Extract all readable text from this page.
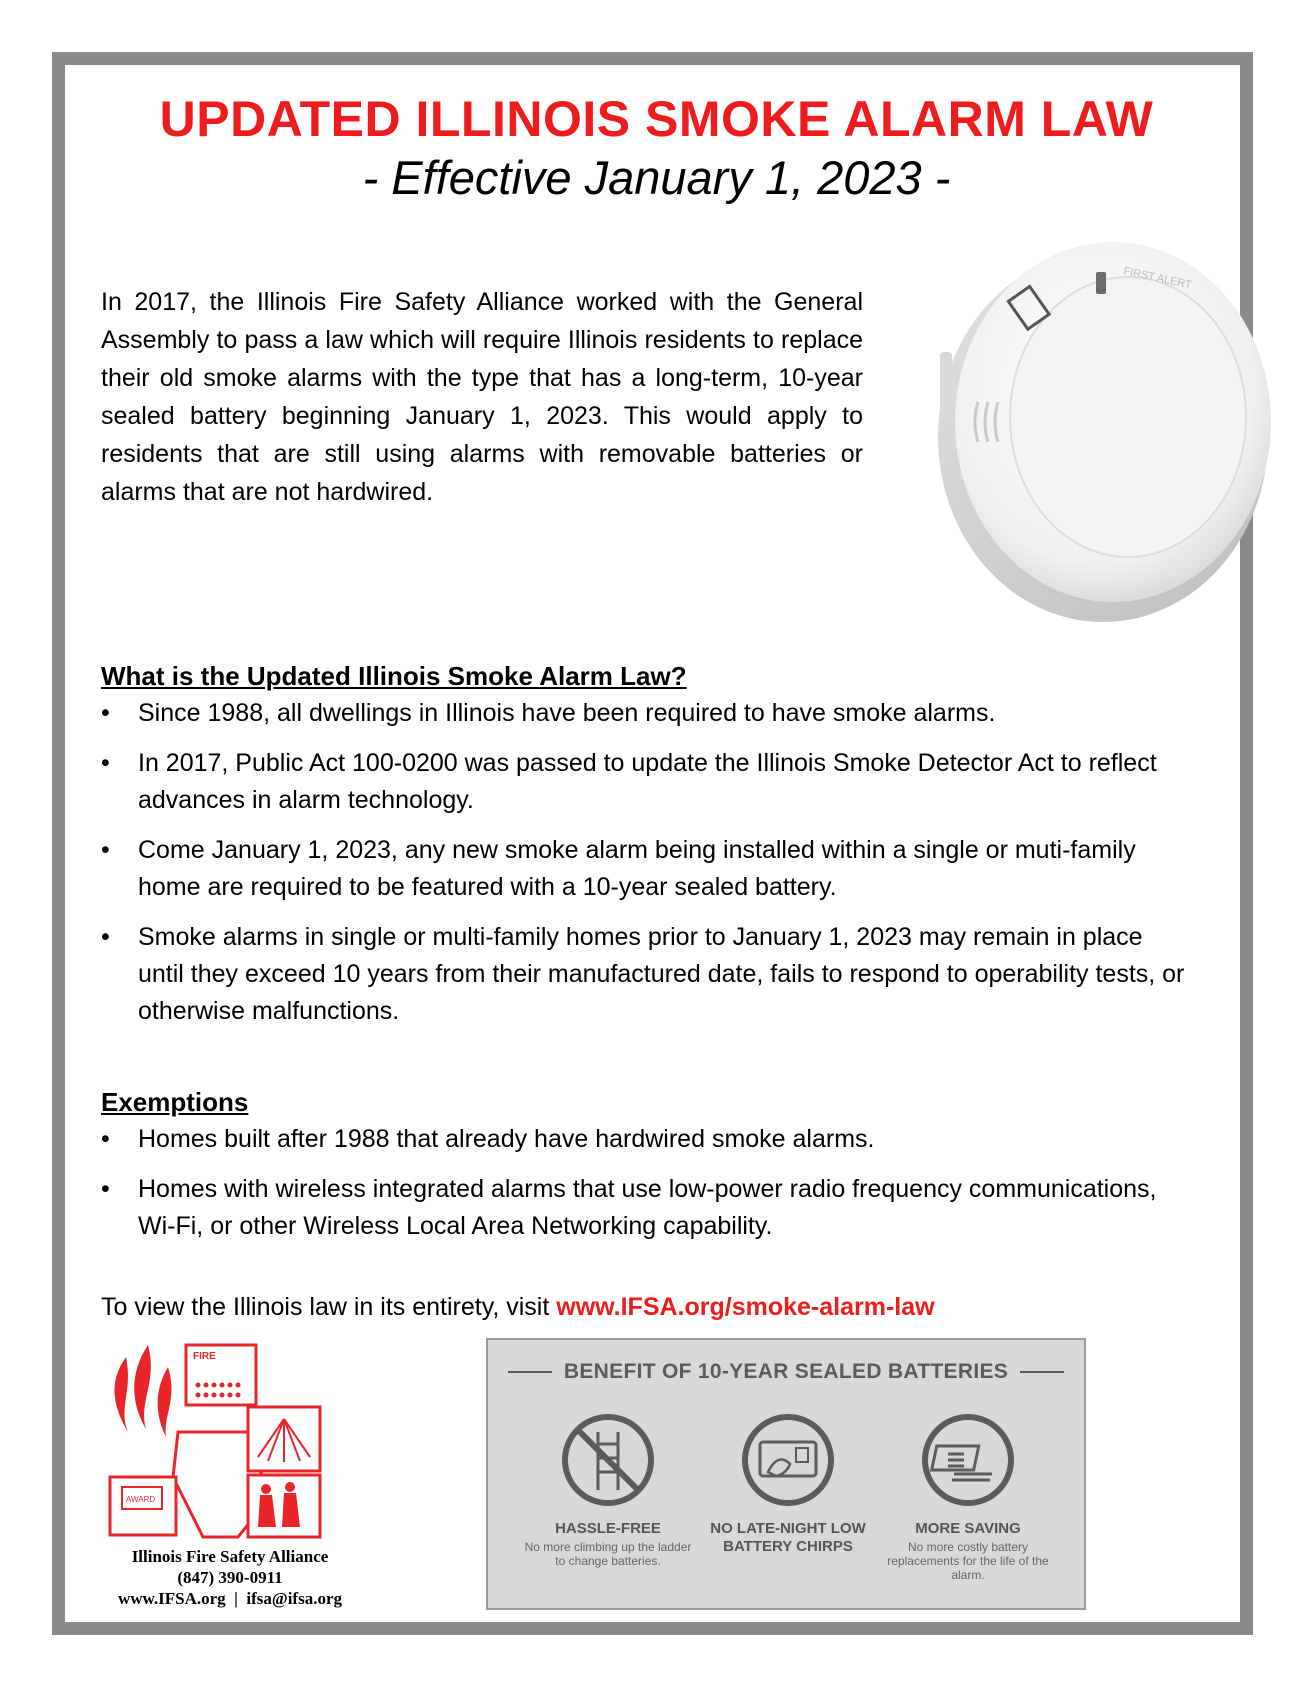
UPDATED ILLINOIS SMOKE ALARM LAW
- Effective January 1, 2023 -

In 2017, the Illinois Fire Safety Alliance worked with the General Assembly to pass a law which will require Illinois residents to replace their old smoke alarms with the type that has a long-term, 10-year sealed battery beginning January 1, 2023. This would apply to residents that are still using alarms with removable batteries or alarms that are not hardwired.

FIRST ALERT
What is the Updated Illinois Smoke Alarm Law?
• Since 1988, all dwellings in Illinois have been required to have smoke alarms.
• In 2017, Public Act 100-0200 was passed to update the Illinois Smoke Detector Act to reflect advances in alarm technology.
• Come January 1, 2023, any new smoke alarm being installed within a single or muti-family home are required to be featured with a 10-year sealed battery.
• Smoke alarms in single or multi-family homes prior to January 1, 2023 may remain in place until they exceed 10 years from their manufactured date, fails to respond to operability tests, or otherwise malfunctions.
Exemptions
• Homes built after 1988 that already have hardwired smoke alarms.
• Homes with wireless integrated alarms that use low-power radio frequency communications, Wi-Fi, or other Wireless Local Area Networking capability.
To view the Illinois law in its entirety, visit www.IFSA.org/smoke-alarm-law
FIRE
AWARD
Illinois Fire Safety Alliance
(847) 390-0911
www.IFSA.org  |  ifsa@ifsa.org
BENEFIT OF 10-YEAR SEALED BATTERIES
HASSLE-FREE
No more climbing up the ladder to change batteries.
NO LATE-NIGHT LOW BATTERY CHIRPS
MORE SAVING
No more costly battery replacements for the life of the alarm.
